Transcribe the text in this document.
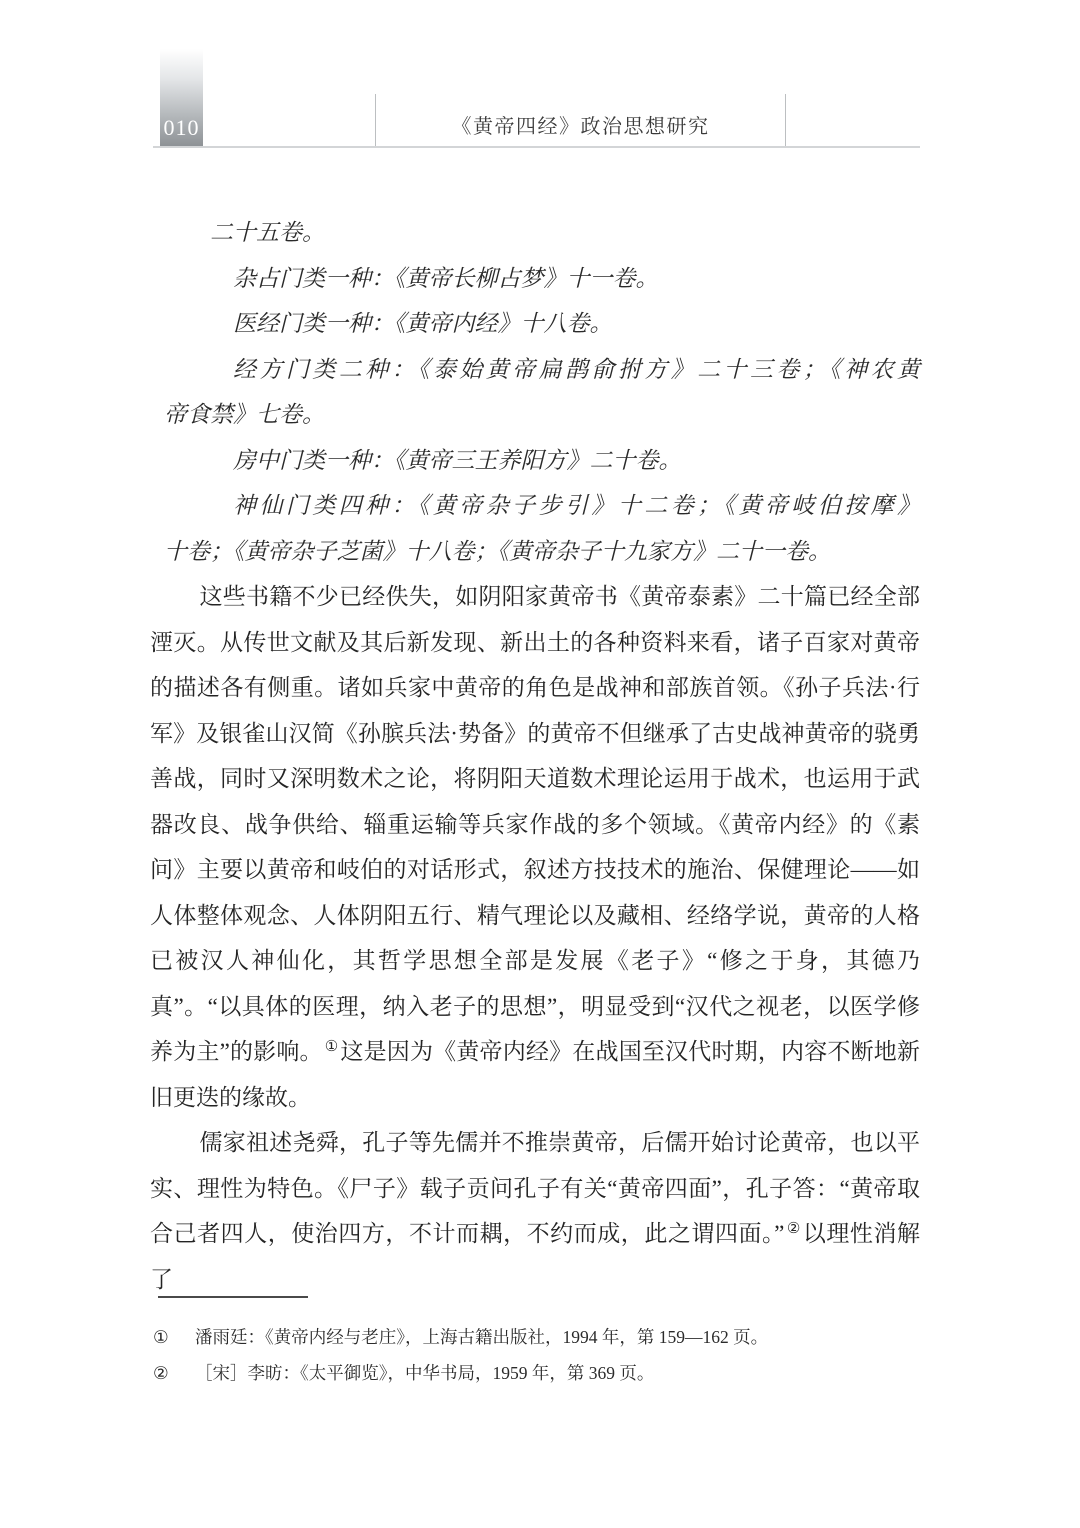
010	《黄帝四经》政治思想研究

二十五卷。

杂占门类一种：《黄帝长柳占梦》十一卷。

医经门类一种：《黄帝内经》十八卷。

经方门类二种：《泰始黄帝扁鹊俞拊方》二十三卷；《神农黄

帝食禁》七卷。

房中门类一种：《黄帝三王养阳方》二十卷。

神仙门类四种：《黄帝杂子步引》十二卷；《黄帝岐伯按摩》

十卷；《黄帝杂子芝菌》十八卷；《黄帝杂子十九家方》二十一卷。

这些书籍不少已经佚失，如阴阳家黄帝书《黄帝泰素》二十篇已经全部湮灭。从传世文献及其后新发现、新出土的各种资料来看，诸子百家对黄帝的描述各有侧重。诸如兵家中黄帝的角色是战神和部族首领。《孙子兵法·行军》及银雀山汉简《孙膑兵法·势备》的黄帝不但继承了古史战神黄帝的骁勇善战，同时又深明数术之论，将阴阳天道数术理论运用于战术，也运用于武器改良、战争供给、辎重运输等兵家作战的多个领域。《黄帝内经》的《素问》主要以黄帝和岐伯的对话形式，叙述方技技术的施治、保健理论——如人体整体观念、人体阴阳五行、精气理论以及藏相、经络学说，黄帝的人格已被汉人神仙化，其哲学思想全部是发展《老子》“修之于身，其德乃真”。“以具体的医理，纳入老子的思想”，明显受到“汉代之视老，以医学修养为主”的影响。 ①这是因为《黄帝内经》在战国至汉代时期，内容不断地新旧更迭的缘故。

儒家祖述尧舜，孔子等先儒并不推崇黄帝，后儒开始讨论黄帝，也以平实、理性为特色。《尸子》载子贡问孔子有关“黄帝四面”，孔子答：“黄帝取合己者四人，使治四方，不计而耦，不约而成，此之谓四面。” ②以理性消解了

①	潘雨廷：《黄帝内经与老庄》，上海古籍出版社，1994 年，第 159—162 页。

②	［宋］李昉：《太平御览》，中华书局，1959 年，第 369 页。
